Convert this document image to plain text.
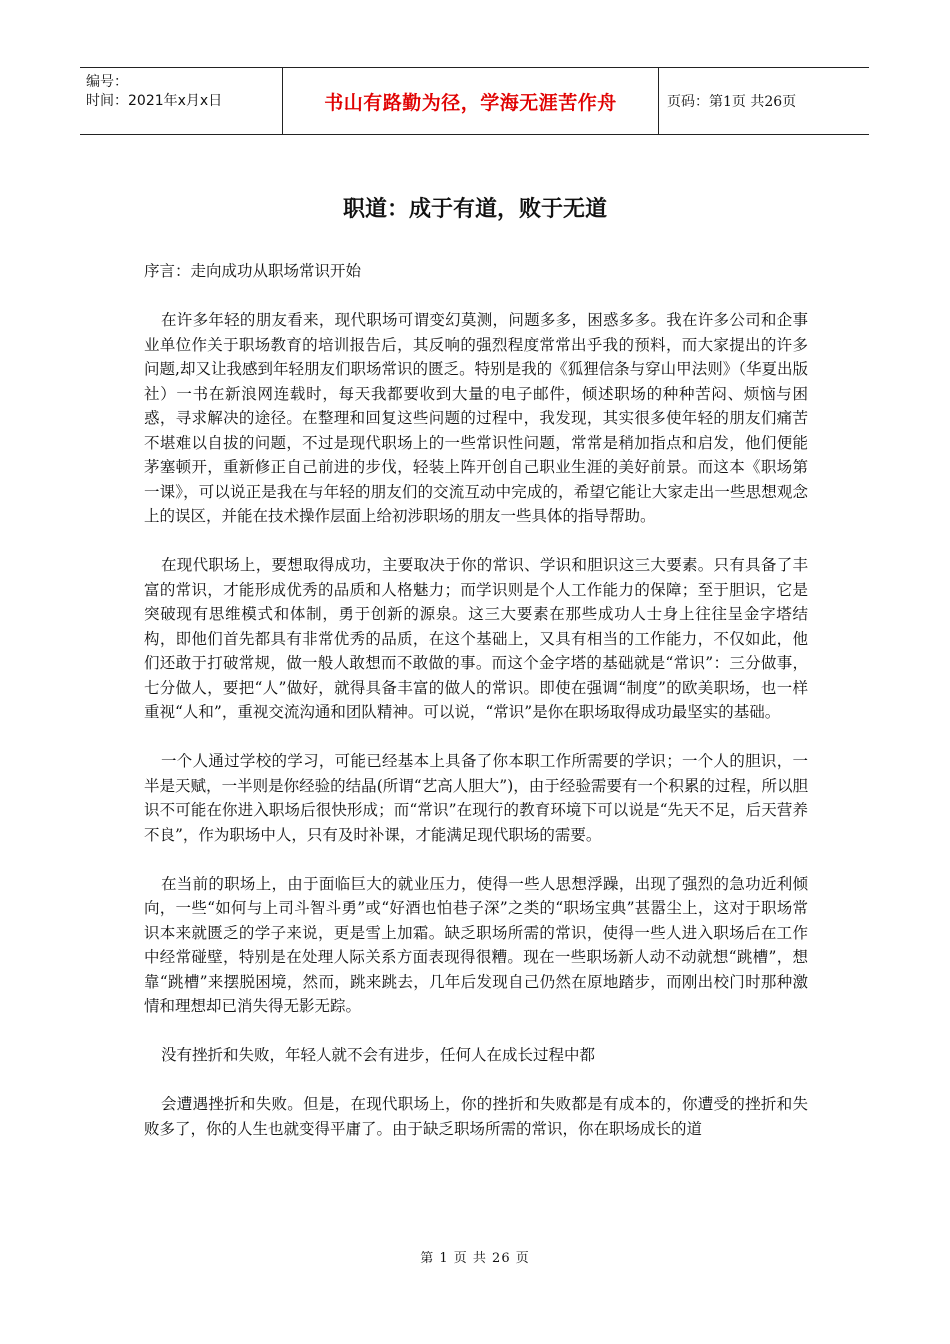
编号：
时间：2021年x月x日	书山有路勤为径，学海无涯苦作舟	页码：第1页 共26页
职道：成于有道，败于无道

序言：走向成功从职场常识开始

在许多年轻的朋友看来，现代职场可谓变幻莫测，问题多多，困惑多多。我在许多公司和企事业单位作关于职场教育的培训报告后，其反响的强烈程度常常出乎我的预料，而大家提出的许多问题,却又让我感到年轻朋友们职场常识的匮乏。特别是我的《狐狸信条与穿山甲法则》（华夏出版社）一书在新浪网连载时，每天我都要收到大量的电子邮件，倾述职场的种种苦闷、烦恼与困惑，寻求解决的途径。在整理和回复这些问题的过程中，我发现，其实很多使年轻的朋友们痛苦不堪难以自拔的问题，不过是现代职场上的一些常识性问题，常常是稍加指点和启发，他们便能茅塞顿开，重新修正自己前进的步伐，轻装上阵开创自己职业生涯的美好前景。而这本《职场第一课》，可以说正是我在与年轻的朋友们的交流互动中完成的，希望它能让大家走出一些思想观念上的误区，并能在技术操作层面上给初涉职场的朋友一些具体的指导帮助。

在现代职场上，要想取得成功，主要取决于你的常识、学识和胆识这三大要素。只有具备了丰富的常识，才能形成优秀的品质和人格魅力；而学识则是个人工作能力的保障；至于胆识，它是突破现有思维模式和体制，勇于创新的源泉。这三大要素在那些成功人士身上往往呈金字塔结构，即他们首先都具有非常优秀的品质，在这个基础上，又具有相当的工作能力，不仅如此，他们还敢于打破常规，做一般人敢想而不敢做的事。而这个金字塔的基础就是“常识”：三分做事，七分做人，要把“人”做好，就得具备丰富的做人的常识。即使在强调“制度”的欧美职场，也一样重视“人和”，重视交流沟通和团队精神。可以说，“常识”是你在职场取得成功最坚实的基础。

一个人通过学校的学习，可能已经基本上具备了你本职工作所需要的学识；一个人的胆识，一半是天赋，一半则是你经验的结晶(所谓“艺高人胆大”)，由于经验需要有一个积累的过程，所以胆识不可能在你进入职场后很快形成；而“常识”在现行的教育环境下可以说是“先天不足，后天营养不良”，作为职场中人，只有及时补课，才能满足现代职场的需要。

在当前的职场上，由于面临巨大的就业压力，使得一些人思想浮躁，出现了强烈的急功近利倾向，一些“如何与上司斗智斗勇”或“好酒也怕巷子深”之类的“职场宝典”甚嚣尘上，这对于职场常识本来就匮乏的学子来说，更是雪上加霜。缺乏职场所需的常识，使得一些人进入职场后在工作中经常碰壁，特别是在处理人际关系方面表现得很糟。现在一些职场新人动不动就想“跳槽”，想靠“跳槽”来摆脱困境，然而，跳来跳去，几年后发现自己仍然在原地踏步，而刚出校门时那种激情和理想却已消失得无影无踪。

没有挫折和失败，年轻人就不会有进步，任何人在成长过程中都

会遭遇挫折和失败。但是，在现代职场上，你的挫折和失败都是有成本的，你遭受的挫折和失败多了，你的人生也就变得平庸了。由于缺乏职场所需的常识，你在职场成长的道

第 1 页 共 26 页
